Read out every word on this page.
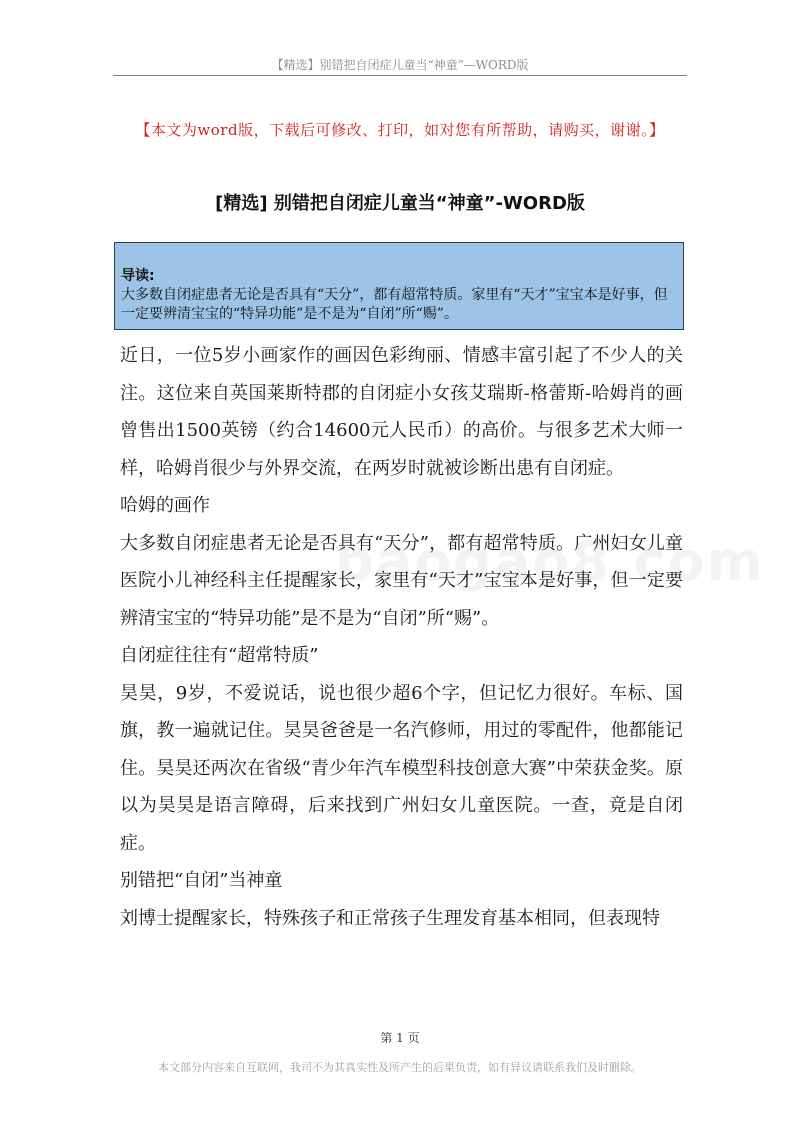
【精选】别错把自闭症儿童当“神童”—WORD版
【本文为word版，下载后可修改、打印，如对您有所帮助，请购买，谢谢。】
[精选] 别错把自闭症儿童当“神童”-WORD版
导读:
大多数自闭症患者无论是否具有“天分”，都有超常特质。家里有“天才”宝宝本是好事，但一定要辨清宝宝的“特异功能”是不是为“自闭”所“赐”。

近日，一位5岁小画家作的画因色彩绚丽、情感丰富引起了不少人的关注。这位来自英国莱斯特郡的自闭症小女孩艾瑞斯-格蕾斯-哈姆肖的画曾售出1500英镑（约合14600元人民币）的高价。与很多艺术大师一样，哈姆肖很少与外界交流，在两岁时就被诊断出患有自闭症。

哈姆的画作

大多数自闭症患者无论是否具有“天分”，都有超常特质。广州妇女儿童医院小儿神经科主任提醒家长，家里有“天才”宝宝本是好事，但一定要辨清宝宝的“特异功能”是不是为“自闭”所“赐”。

自闭症往往有“超常特质”

昊昊，9岁，不爱说话，说也很少超6个字，但记忆力很好。车标、国旗，教一遍就记住。昊昊爸爸是一名汽修师，用过的零配件，他都能记住。昊昊还两次在省级“青少年汽车模型科技创意大赛”中荣获金奖。原以为昊昊是语言障碍，后来找到广州妇女儿童医院。一查，竟是自闭症。

别错把“自闭”当神童

刘博士提醒家长，特殊孩子和正常孩子生理发育基本相同，但表现特

第 1 页
本文部分内容来自互联网，我司不为其真实性及所产生的后果负责，如有异议请联系我们及时删除。
